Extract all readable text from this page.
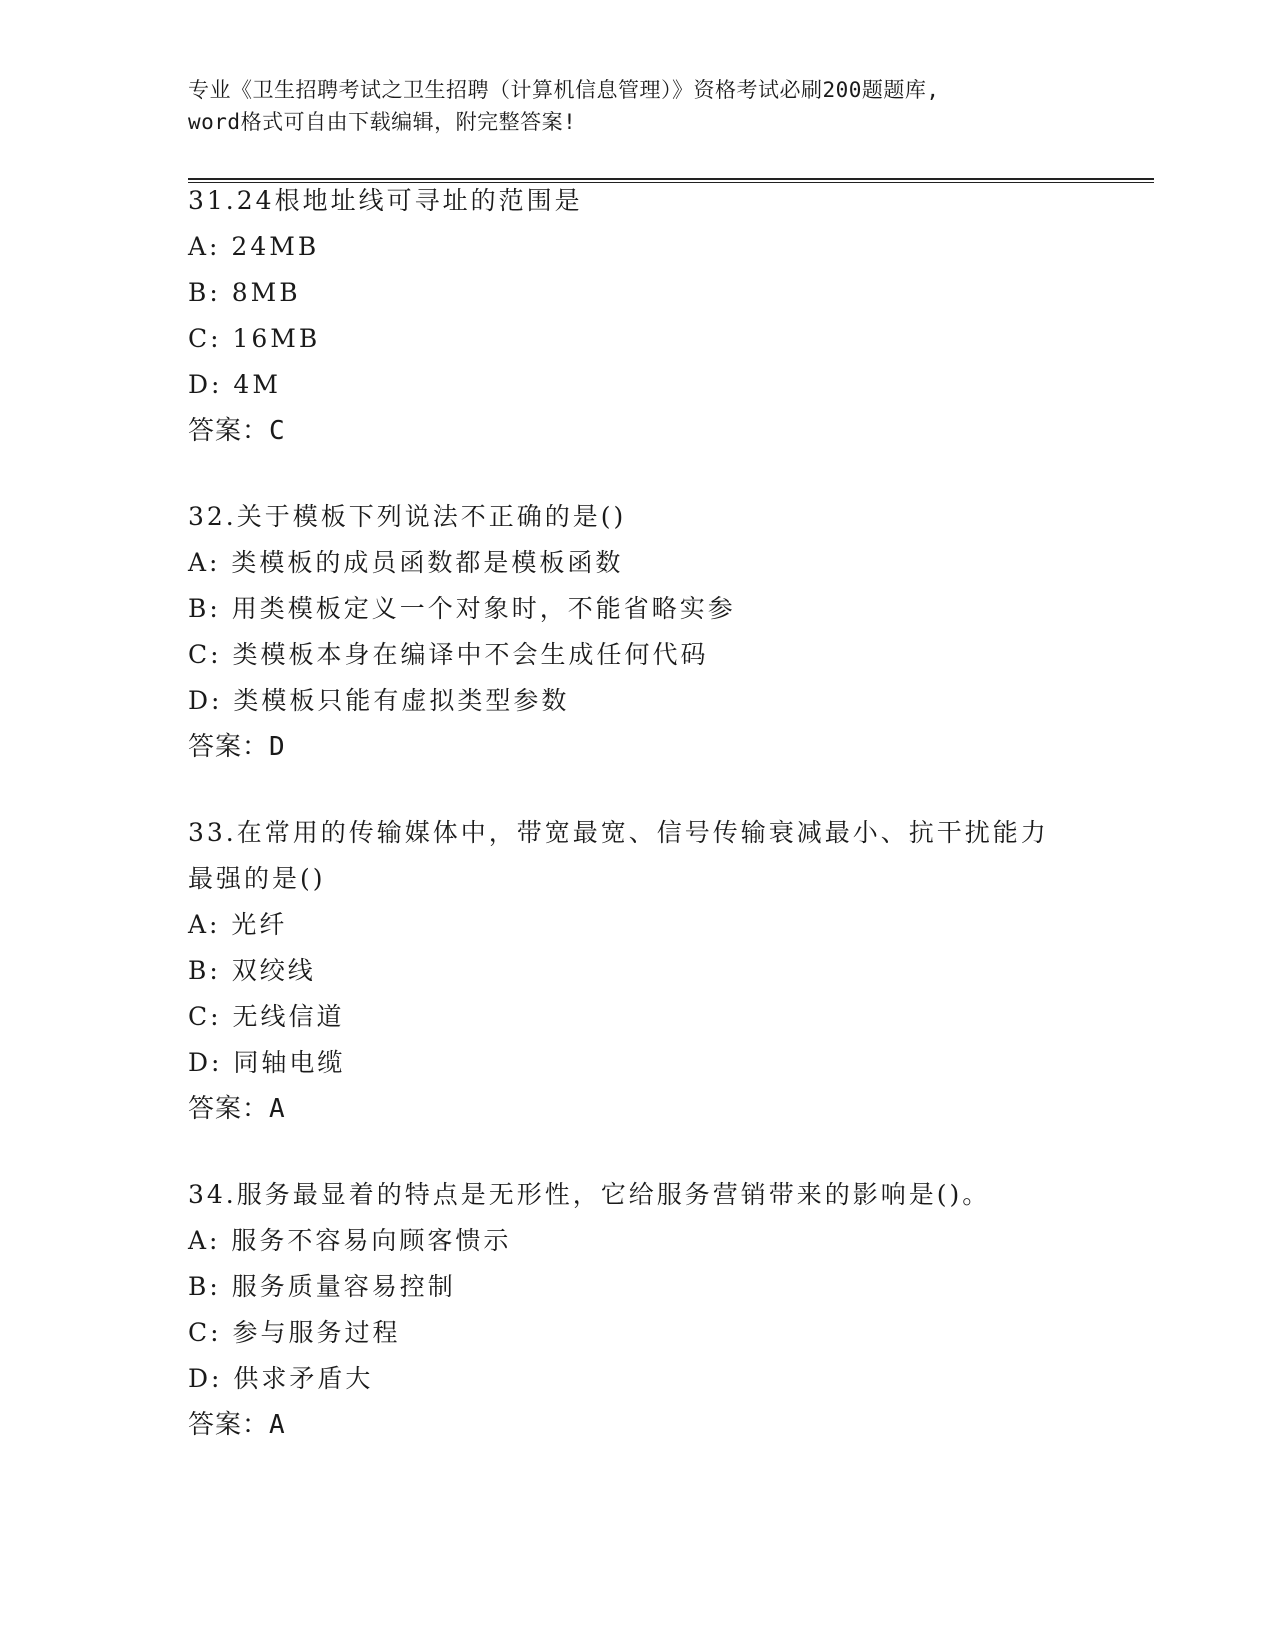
专业《卫生招聘考试之卫生招聘（计算机信息管理）》资格考试必刷200题题库,
word格式可自由下载编辑，附完整答案!
31.24根地址线可寻址的范围是
A: 24MB
B: 8MB
C: 16MB
D: 4M
答案：C
32.关于模板下列说法不正确的是()
A: 类模板的成员函数都是模板函数
B: 用类模板定义一个对象时，不能省略实参
C: 类模板本身在编译中不会生成任何代码
D: 类模板只能有虚拟类型参数
答案：D
33.在常用的传输媒体中，带宽最宽、信号传输衰减最小、抗干扰能力最强的是()
A: 光纤
B: 双绞线
C: 无线信道
D: 同轴电缆
答案：A
34.服务最显着的特点是无形性，它给服务营销带来的影响是()。
A: 服务不容易向顾客愦示
B: 服务质量容易控制
C: 参与服务过程
D: 供求矛盾大
答案：A
